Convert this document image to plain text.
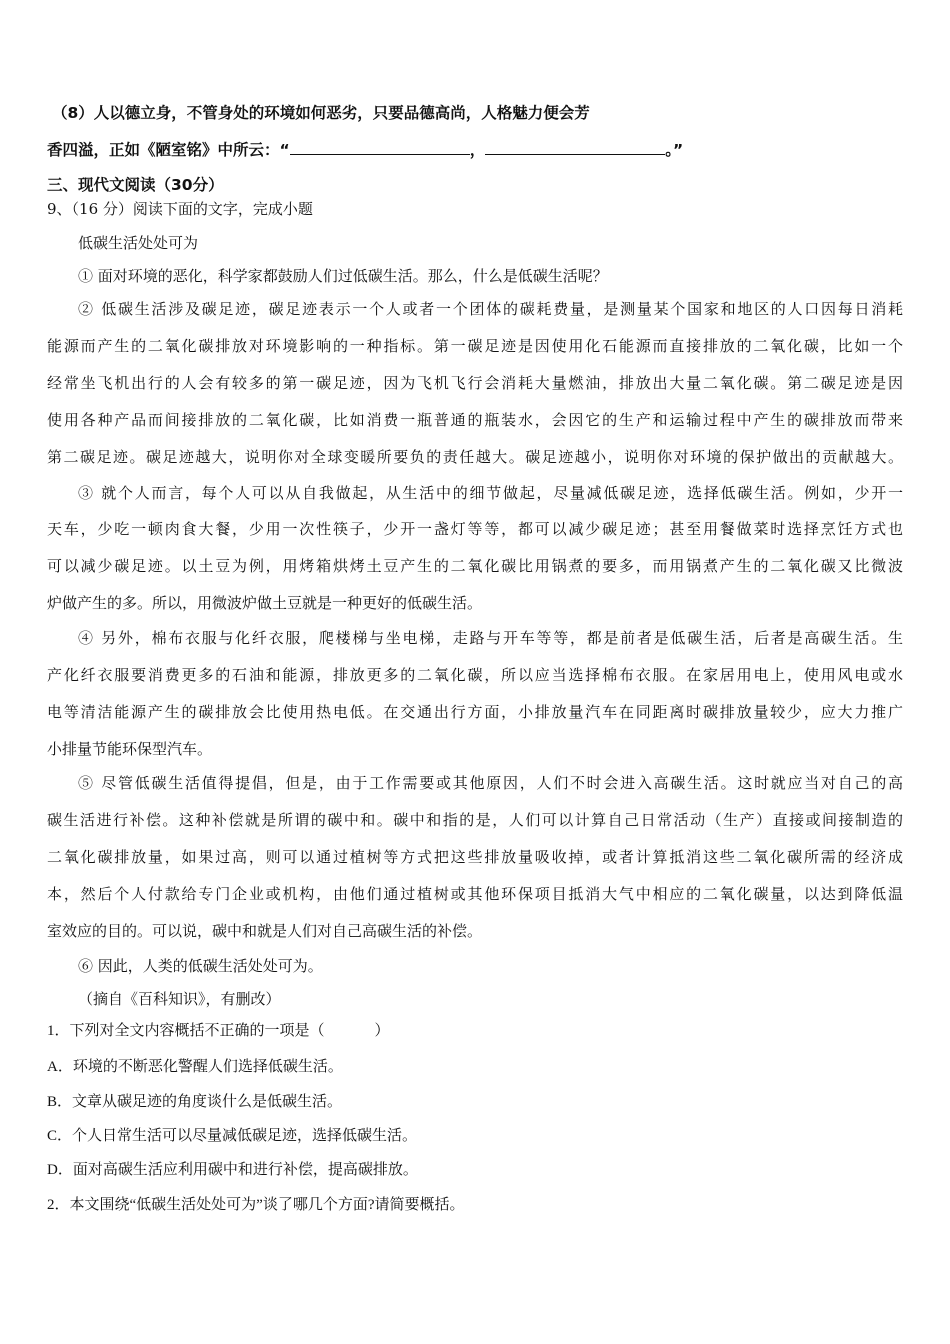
（8）人以德立身，不管身处的环境如何恶劣，只要品德高尚，人格魅力便会芳
香四溢，正如《陋室铭》中所云：“	，	。”
三、现代文阅读（30分）
9、（16 分）阅读下面的文字，完成小题
低碳生活处处可为
① 面对环境的恶化，科学家都鼓励人们过低碳生活。那么，什么是低碳生活呢？
② 低碳生活涉及碳足迹，碳足迹表示一个人或者一个团体的碳耗费量，是测量某个国家和地区的人口因每日消耗
能源而产生的二氧化碳排放对环境影响的一种指标。第一碳足迹是因使用化石能源而直接排放的二氧化碳，比如一个
经常坐飞机出行的人会有较多的第一碳足迹，因为飞机飞行会消耗大量燃油，排放出大量二氧化碳。第二碳足迹是因
使用各种产品而间接排放的二氧化碳，比如消费一瓶普通的瓶装水，会因它的生产和运输过程中产生的碳排放而带来
第二碳足迹。碳足迹越大，说明你对全球变暖所要负的责任越大。碳足迹越小，说明你对环境的保护做出的贡献越大。
③ 就个人而言，每个人可以从自我做起，从生活中的细节做起，尽量减低碳足迹，选择低碳生活。例如，少开一
天车，少吃一顿肉食大餐，少用一次性筷子，少开一盏灯等等，都可以减少碳足迹；甚至用餐做菜时选择烹饪方式也
可以减少碳足迹。以土豆为例，用烤箱烘烤土豆产生的二氧化碳比用锅煮的要多，而用锅煮产生的二氧化碳又比微波
炉做产生的多。所以，用微波炉做土豆就是一种更好的低碳生活。
④ 另外，棉布衣服与化纤衣服，爬楼梯与坐电梯，走路与开车等等，都是前者是低碳生活，后者是高碳生活。生
产化纤衣服要消费更多的石油和能源，排放更多的二氧化碳，所以应当选择棉布衣服。在家居用电上，使用风电或水
电等清洁能源产生的碳排放会比使用热电低。在交通出行方面，小排放量汽车在同距离时碳排放量较少，应大力推广
小排量节能环保型汽车。
⑤ 尽管低碳生活值得提倡，但是，由于工作需要或其他原因，人们不时会进入高碳生活。这时就应当对自己的高
碳生活进行补偿。这种补偿就是所谓的碳中和。碳中和指的是，人们可以计算自己日常活动（生产）直接或间接制造的
二氧化碳排放量，如果过高，则可以通过植树等方式把这些排放量吸收掉，或者计算抵消这些二氧化碳所需的经济成
本，然后个人付款给专门企业或机构，由他们通过植树或其他环保项目抵消大气中相应的二氧化碳量，以达到降低温
室效应的目的。可以说，碳中和就是人们对自己高碳生活的补偿。
⑥ 因此，人类的低碳生活处处可为。
（摘自《百科知识》，有删改）
1．下列对全文内容概括不正确的一项是（	）
A．环境的不断恶化警醒人们选择低碳生活。
B．文章从碳足迹的角度谈什么是低碳生活。
C．个人日常生活可以尽量减低碳足迹，选择低碳生活。
D．面对高碳生活应利用碳中和进行补偿，提高碳排放。
2．本文围绕“低碳生活处处可为”谈了哪几个方面?请简要概括。
